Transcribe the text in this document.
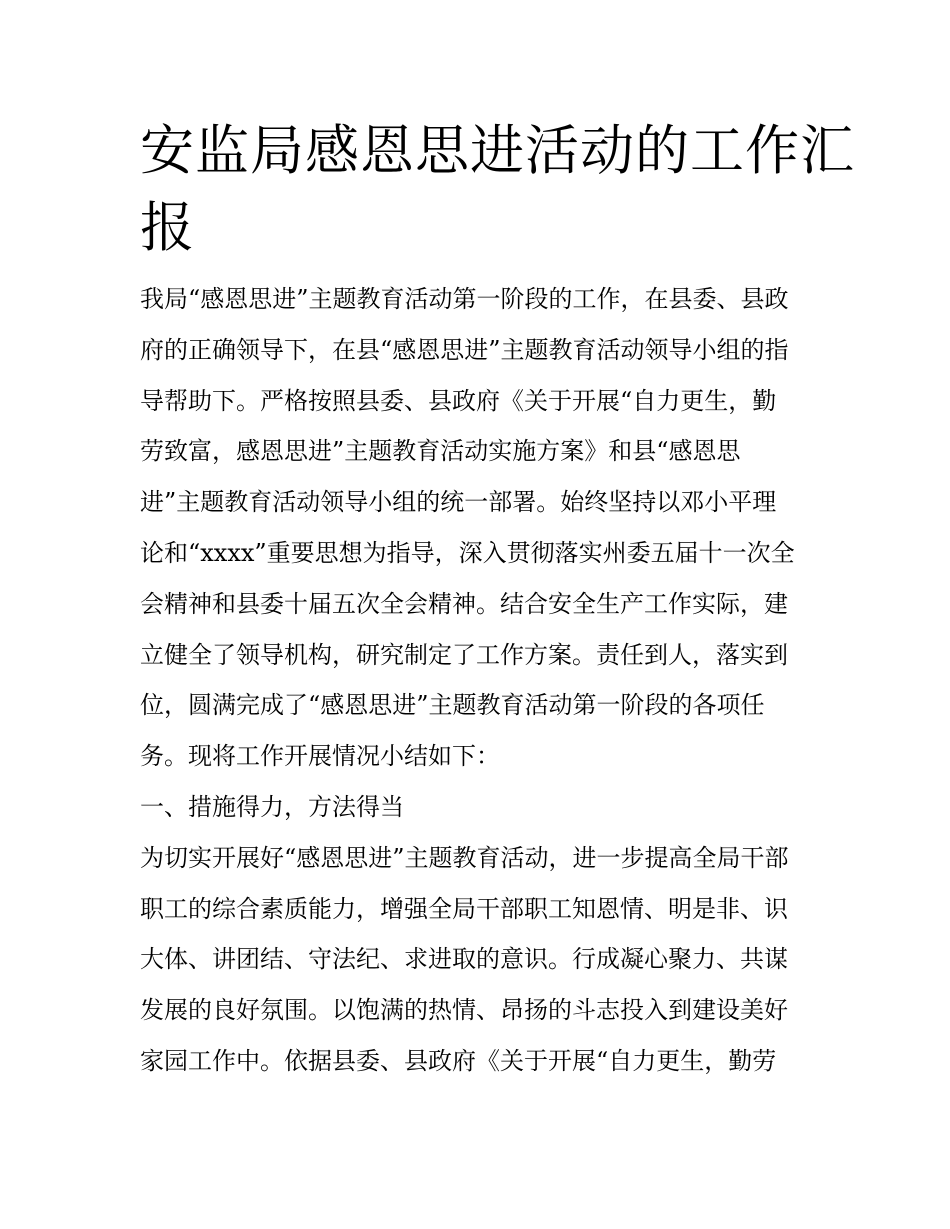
安监局感恩思进活动的工作汇
报
我局“感恩思进”主题教育活动第一阶段的工作，在县委、县政
府的正确领导下，在县“感恩思进”主题教育活动领导小组的指
导帮助下。严格按照县委、县政府《关于开展“自力更生，勤
劳致富，感恩思进”主题教育活动实施方案》和县“感恩思
进”主题教育活动领导小组的统一部署。始终坚持以邓小平理
论和“xxxx”重要思想为指导，深入贯彻落实州委五届十一次全
会精神和县委十届五次全会精神。结合安全生产工作实际，建
立健全了领导机构，研究制定了工作方案。责任到人，落实到
位，圆满完成了“感恩思进”主题教育活动第一阶段的各项任
务。现将工作开展情况小结如下：
一、措施得力，方法得当
为切实开展好“感恩思进”主题教育活动，进一步提高全局干部
职工的综合素质能力，增强全局干部职工知恩情、明是非、识
大体、讲团结、守法纪、求进取的意识。行成凝心聚力、共谋
发展的良好氛围。以饱满的热情、昂扬的斗志投入到建设美好
家园工作中。依据县委、县政府《关于开展“自力更生，勤劳
